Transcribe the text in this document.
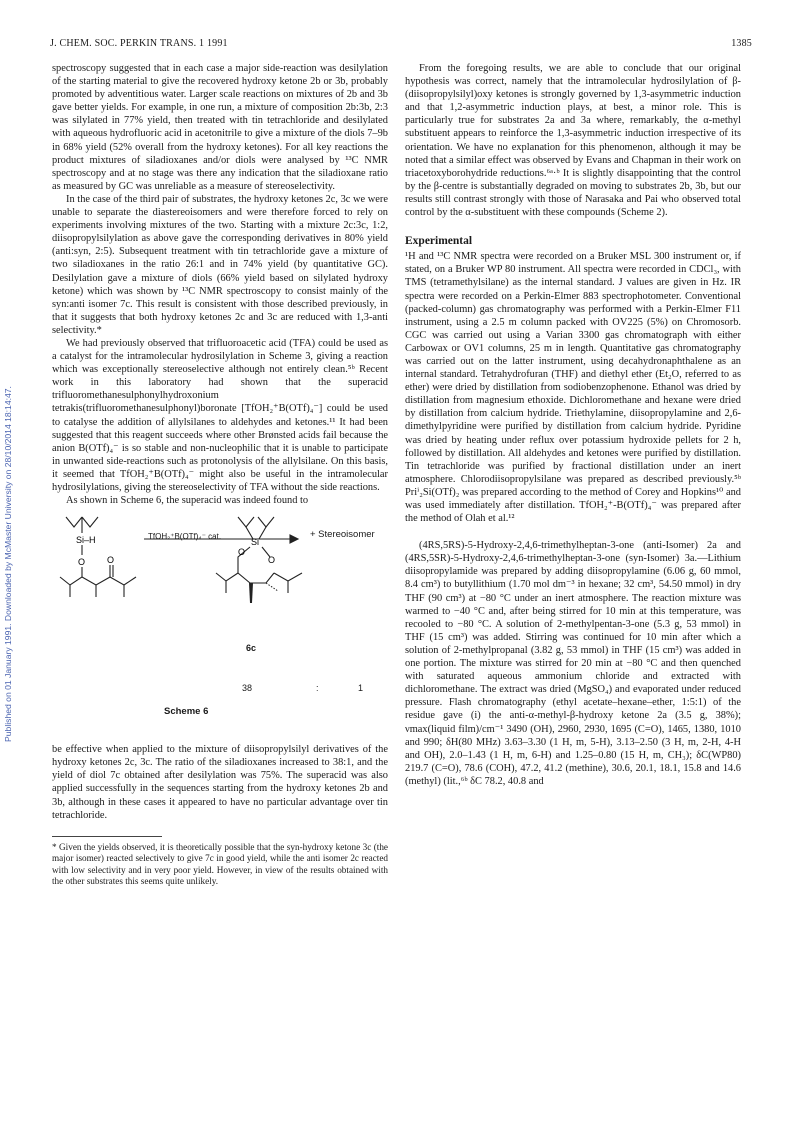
Published on 01 January 1991. Downloaded by McMaster University on 28/10/2014 18:14:47.
J. CHEM. SOC. PERKIN TRANS. 1 1991	1385

spectroscopy suggested that in each case a major side-reaction was desilylation of the starting material to give the recovered hydroxy ketone 2b or 3b, probably promoted by adventitious water. Larger scale reactions on mixtures of 2b and 3b gave better yields. For example, in one run, a mixture of composition 2b:3b, 2:3 was silylated in 77% yield, then treated with tin tetrachloride and desilylated with aqueous hydrofluoric acid in acetonitrile to give a mixture of the diols 7–9b in 68% yield (52% overall from the hydroxy ketones). For all key reactions the product mixtures of siladioxanes and/or diols were analysed by ¹³C NMR spectroscopy and at no stage was there any indication that the siladioxane ratio as measured by GC was unreliable as a measure of stereoselectivity.

In the case of the third pair of substrates, the hydroxy ketones 2c, 3c we were unable to separate the diastereoisomers and were therefore forced to rely on experiments involving mixtures of the two. Starting with a mixture 2c:3c, 1:2, diisopropylsilylation as above gave the corresponding derivatives in 80% yield (anti:syn, 2:5). Subsequent treatment with tin tetrachloride gave a mixture of two siladioxanes in the ratio 26:1 and in 74% yield (by quantitative GC). Desilylation gave a mixture of diols (66% yield based on silylated hydroxy ketone) which was shown by ¹³C NMR spectroscopy to consist mainly of the syn:anti isomer 7c. This result is consistent with those described previously, in that it suggests that both hydroxy ketones 2c and 3c are reduced with 1,3-anti selectivity.*

We had previously observed that trifluoroacetic acid (TFA) could be used as a catalyst for the intramolecular hydrosilylation in Scheme 3, giving a reaction which was exceptionally stereoselective although not entirely clean.⁵ᵇ Recent work in this laboratory had shown that the superacid trifluoromethanesulphonylhydroxonium tetrakis(trifluoromethanesulphonyl)boronate [TfOH₂⁺B(OTf)₄⁻] could be used to catalyse the addition of allylsilanes to aldehydes and ketones.¹¹ It had been suggested that this reagent succeeds where other Brønsted acids fail because the anion B(OTf)₄⁻ is so stable and non-nucleophilic that it is unable to participate in unwanted side-reactions such as protonolysis of the allylsilane. On this basis, it seemed that TfOH₂⁺B(OTf)₄⁻ might also be useful in the intramolecular hydrosilylations, giving the stereoselectivity of TFA without the side reactions.

As shown in Scheme 6, the superacid was indeed found to

Si–H
O O
Si
O
O
TfOH₂⁺B(OTf)₄⁻ cat.	+ Stereoisomer
6c
38	:	1
Scheme 6

be effective when applied to the mixture of diisopropylsilyl derivatives of the hydroxy ketones 2c, 3c. The ratio of the siladioxanes increased to 38:1, and the yield of diol 7c obtained after desilylation was 75%. The superacid was also applied successfully in the sequences starting from the hydroxy ketones 2b and 3b, although in these cases it appeared to have no particular advantage over tin tetrachloride.

* Given the yields observed, it is theoretically possible that the syn-hydroxy ketone 3c (the major isomer) reacted selectively to give 7c in good yield, while the anti isomer 2c reacted with low selectivity and in very poor yield. However, in view of the results obtained with the other substrates this seems quite unlikely.

From the foregoing results, we are able to conclude that our original hypothesis was correct, namely that the intramolecular hydrosilylation of β-(diisopropylsilyl)oxy ketones is strongly governed by 1,3-asymmetric induction and that 1,2-asymmetric induction plays, at best, a minor role. This is particularly true for substrates 2a and 3a where, remarkably, the α-methyl substituent appears to reinforce the 1,3-asymmetric induction irrespective of its orientation. We have no explanation for this phenomenon, although it may be noted that a similar effect was observed by Evans and Chapman in their work on triacetoxyborohydride reductions.⁶ᵃ·ᵇ It is slightly disappointing that the control by the β-centre is substantially degraded on moving to substrates 2b, 3b, but our results still contrast strongly with those of Narasaka and Pai who observed total control by the α-substituent with these compounds (Scheme 2).

Experimental

¹H and ¹³C NMR spectra were recorded on a Bruker MSL 300 instrument or, if stated, on a Bruker WP 80 instrument. All spectra were recorded in CDCl₃, with TMS (tetramethylsilane) as the internal standard. J values are given in Hz. IR spectra were recorded on a Perkin-Elmer 883 spectrophotometer. Conventional (packed-column) gas chromatography was performed with a Perkin-Elmer F11 instrument, using a 2.5 m column packed with OV225 (5%) on Chromosorb. CGC was carried out using a Varian 3300 gas chromatograph with either Carbowax or OV1 columns, 25 m in length. Quantitative gas chromatography was carried out on the latter instrument, using decahydronaphthalene as an internal standard. Tetrahydrofuran (THF) and diethyl ether (Et₂O, referred to as ether) were dried by distillation from sodiobenzophenone. Ethanol was dried by distillation from magnesium ethoxide. Dichloromethane and hexane were dried by distillation from calcium hydride. Triethylamine, diisopropylamine and 2,6-dimethylpyridine were purified by distillation from calcium hydride. Pyridine was dried by heating under reflux over potassium hydroxide pellets for 2 h, followed by distillation. All aldehydes and ketones were purified by distillation. Tin tetrachloride was purified by fractional distillation under an inert atmosphere. Chlorodiisopropylsilane was prepared as described previously.⁵ᵇ Priⁱ₂Si(OTf)₂ was prepared according to the method of Corey and Hopkins¹⁰ and was used immediately after distillation. TfOH₂⁺-B(OTf)₄⁻ was prepared after the method of Olah et al.¹²

(4RS,5RS)-5-Hydroxy-2,4,6-trimethylheptan-3-one (anti-Isomer) 2a and (4RS,5SR)-5-Hydroxy-2,4,6-trimethylheptan-3-one (syn-Isomer) 3a.—Lithium diisopropylamide was prepared by adding diisopropylamine (6.06 g, 60 mmol, 8.4 cm³) to butyllithium (1.70 mol dm⁻³ in hexane; 32 cm³, 54.50 mmol) in dry THF (90 cm³) at −80 °C under an inert atmosphere. The reaction mixture was warmed to −40 °C and, after being stirred for 10 min at this temperature, was recooled to −80 °C. A solution of 2-methylpentan-3-one (5.3 g, 53 mmol) in THF (15 cm³) was added. Stirring was continued for 10 min after which a solution of 2-methylpropanal (3.82 g, 53 mmol) in THF (15 cm³) was added in one portion. The mixture was stirred for 20 min at −80 °C and then quenched with saturated aqueous ammonium chloride and extracted with dichloromethane. The extract was dried (MgSO₄) and evaporated under reduced pressure. Flash chromatography (ethyl acetate–hexane–ether, 1:5:1) of the residue gave (i) the anti-α-methyl-β-hydroxy ketone 2a (3.5 g, 38%); νmax(liquid film)/cm⁻¹ 3490 (OH), 2960, 2930, 1695 (C=O), 1465, 1380, 1010 and 990; δH(80 MHz) 3.63–3.30 (1 H, m, 5-H), 3.13–2.50 (3 H, m, 2-H, 4-H and OH), 2.0–1.43 (1 H, m, 6-H) and 1.25–0.80 (15 H, m, CH₃); δC(WP80) 219.7 (C=O), 78.6 (COH), 47.2, 41.2 (methine), 30.6, 20.1, 18.1, 15.8 and 14.6 (methyl) (lit.,⁶ᵇ δC 78.2, 40.8 and
